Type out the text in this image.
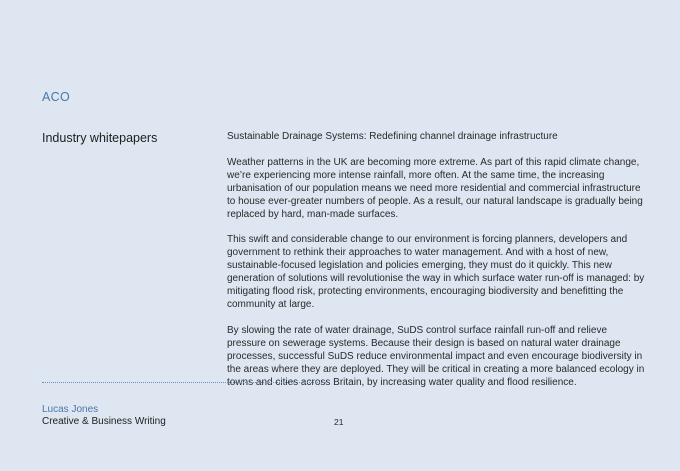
ACO
Industry whitepapers	Sustainable Drainage Systems: Redefining channel drainage infrastructure

Weather patterns in the UK are becoming more extreme. As part of this rapid climate change, we’re experiencing more intense rainfall, more often. At the same time, the increasing urbanisation of our population means we need more residential and commercial infrastructure to house ever-greater numbers of people. As a result, our natural landscape is gradually being replaced by hard, man-made surfaces.

This swift and considerable change to our environment is forcing planners, developers and government to rethink their approaches to water management. And with a host of new, sustainable-focused legislation and policies emerging, they must do it quickly. This new generation of solutions will revolutionise the way in which surface water run-off is managed: by mitigating flood risk, protecting environments, encouraging biodiversity and benefitting the community at large.

By slowing the rate of water drainage, SuDS control surface rainfall run-off and relieve pressure on sewerage systems. Because their design is based on natural water drainage processes, successful SuDS reduce environmental impact and even encourage biodiversity in the areas where they are deployed. They will be critical in creating a more balanced ecology in towns and cities across Britain, by increasing water quality and flood resilience.

Lucas Jones
Creative & Business Writing	21
